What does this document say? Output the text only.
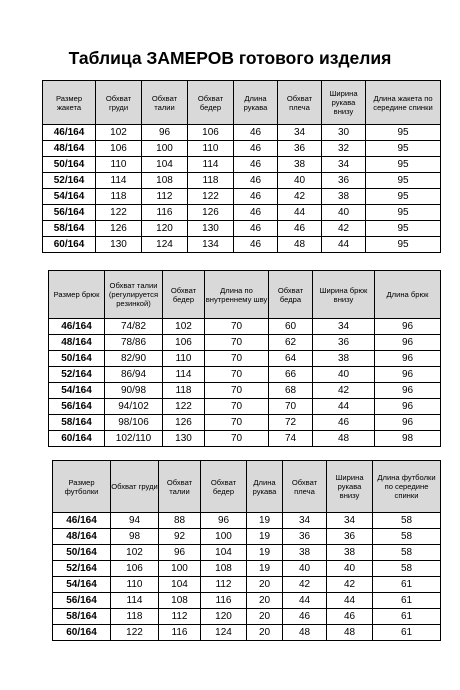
Таблица ЗАМЕРОВ готового изделия
Размер жакета	Обхват груди	Обхват талии	Обхват бедер	Длина рукава	Обхват плеча	Ширина рукава внизу	Длина жакета по середине спинки
46/164	102	96	106	46	34	30	95
48/164	106	100	110	46	36	32	95
50/164	110	104	114	46	38	34	95
52/164	114	108	118	46	40	36	95
54/164	118	112	122	46	42	38	95
56/164	122	116	126	46	44	40	95
58/164	126	120	130	46	46	42	95
60/164	130	124	134	46	48	44	95
Размер брюк	Обхват талии (регулируется резинкой)	Обхват бедер	Длина по внутреннему шву	Обхват бедра	Ширина брюк внизу	Длина брюк
46/164	74/82	102	70	60	34	96
48/164	78/86	106	70	62	36	96
50/164	82/90	110	70	64	38	96
52/164	86/94	114	70	66	40	96
54/164	90/98	118	70	68	42	96
56/164	94/102	122	70	70	44	96
58/164	98/106	126	70	72	46	96
60/164	102/110	130	70	74	48	98
Размер футболки	Обхват груди	Обхват талии	Обхват бедер	Длина рукава	Обхват плеча	Ширина рукава внизу	Длина футболки по середине спинки
46/164	94	88	96	19	34	34	58
48/164	98	92	100	19	36	36	58
50/164	102	96	104	19	38	38	58
52/164	106	100	108	19	40	40	58
54/164	110	104	112	20	42	42	61
56/164	114	108	116	20	44	44	61
58/164	118	112	120	20	46	46	61
60/164	122	116	124	20	48	48	61
